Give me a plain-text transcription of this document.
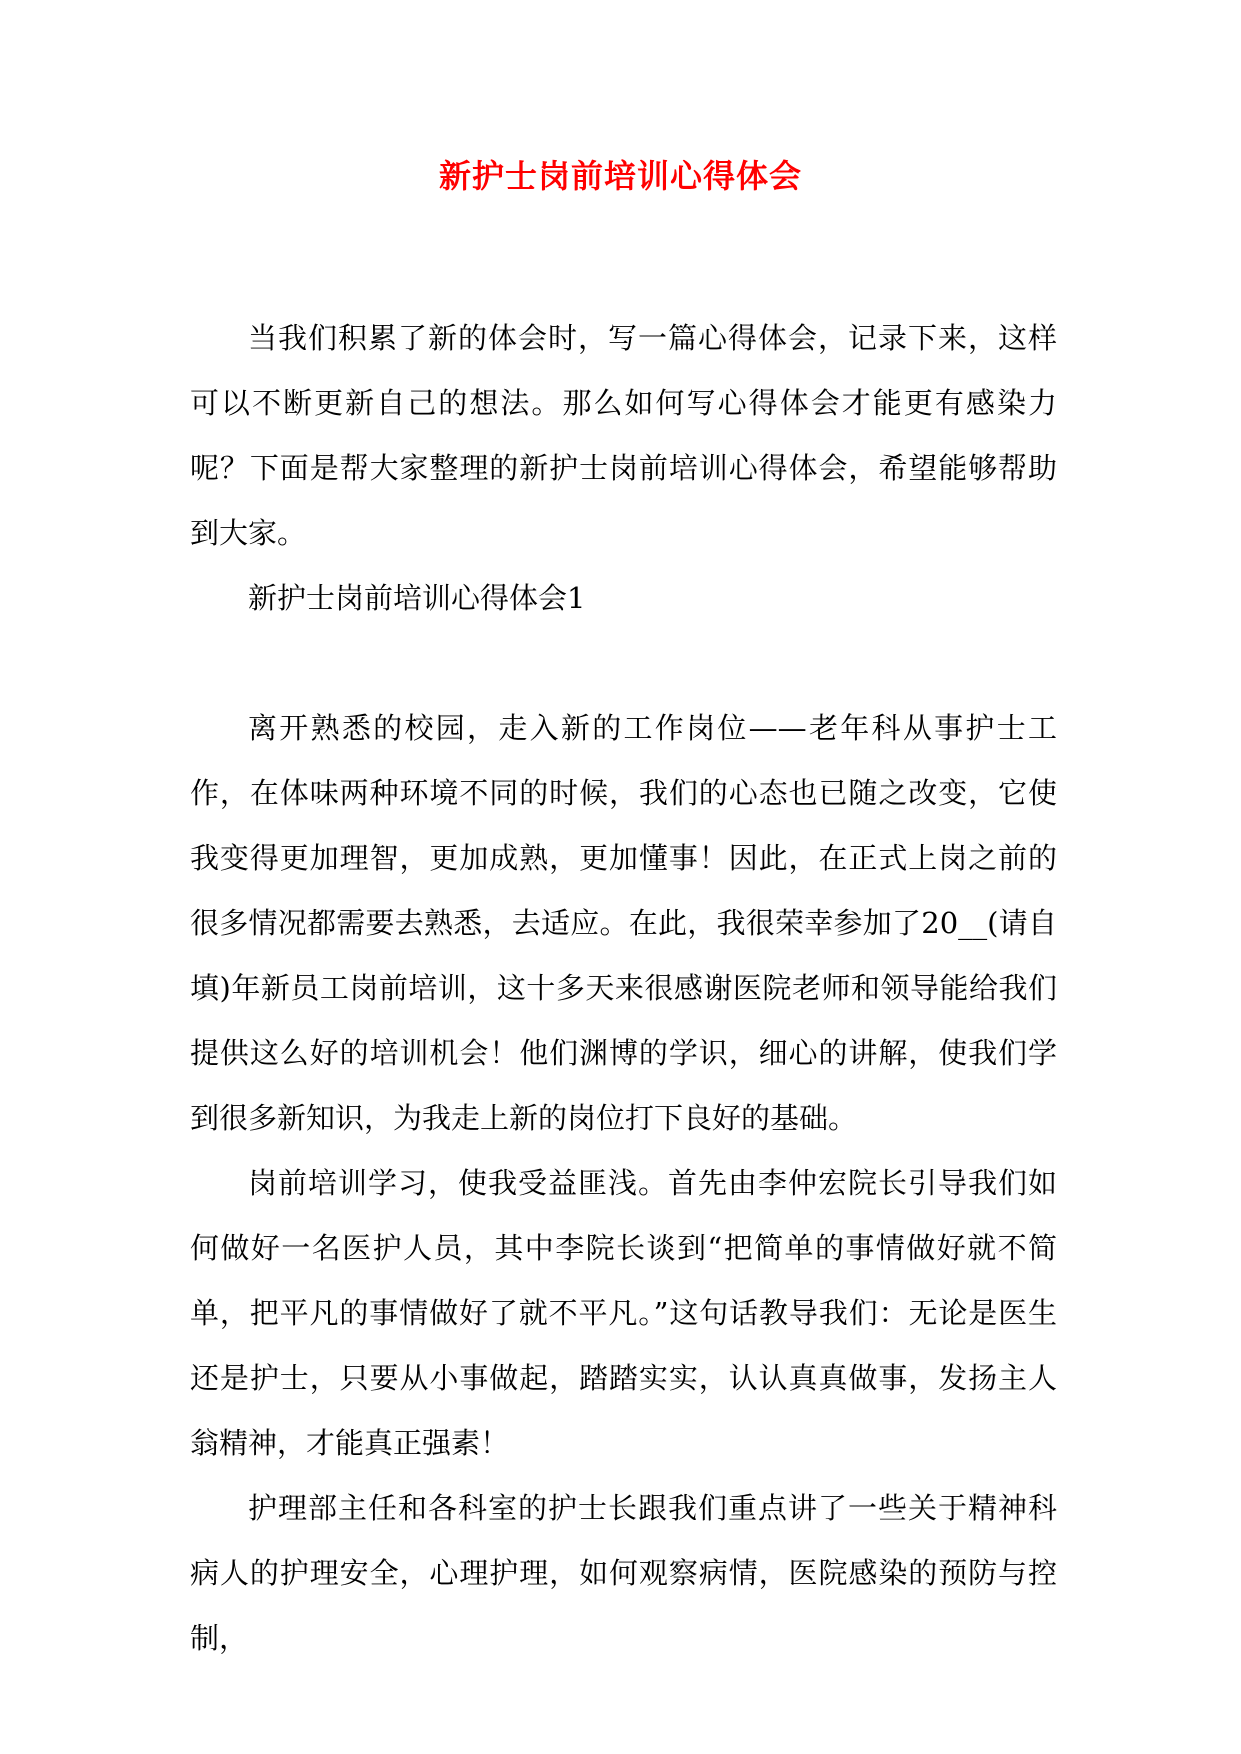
新护士岗前培训心得体会

当我们积累了新的体会时，写一篇心得体会，记录下来，这样可以不断更新自己的想法。那么如何写心得体会才能更有感染力呢？下面是帮大家整理的新护士岗前培训心得体会，希望能够帮助到大家。

新护士岗前培训心得体会1

离开熟悉的校园，走入新的工作岗位——老年科从事护士工作，在体味两种环境不同的时候，我们的心态也已随之改变，它使我变得更加理智，更加成熟，更加懂事！因此，在正式上岗之前的很多情况都需要去熟悉，去适应。在此，我很荣幸参加了20__(请自填)年新员工岗前培训，这十多天来很感谢医院老师和领导能给我们提供这么好的培训机会！他们渊博的学识，细心的讲解，使我们学到很多新知识，为我走上新的岗位打下良好的基础。

岗前培训学习，使我受益匪浅。首先由李仲宏院长引导我们如何做好一名医护人员，其中李院长谈到“把简单的事情做好就不简单，把平凡的事情做好了就不平凡。”这句话教导我们：无论是医生还是护士，只要从小事做起，踏踏实实，认认真真做事，发扬主人翁精神，才能真正强素！

护理部主任和各科室的护士长跟我们重点讲了一些关于精神科病人的护理安全，心理护理，如何观察病情，医院感染的预防与控制，
